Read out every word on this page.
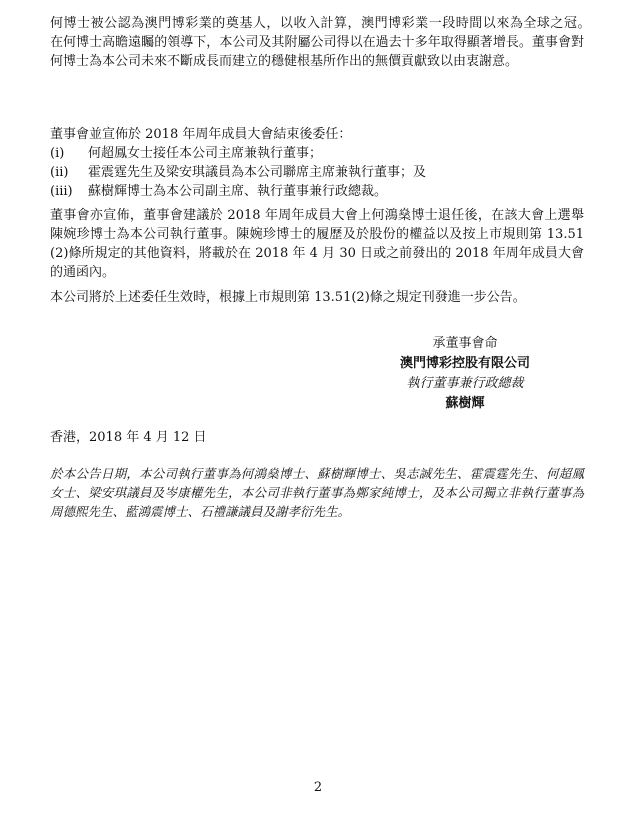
何博士被公認為澳門博彩業的奠基人，以收入計算，澳門博彩業一段時間以來為全球之冠。　在何博士高瞻遠矚的領導下，本公司及其附屬公司得以在過去十多年取得顯著增長。董事會對何博士為本公司未來不斷成長而建立的穩健根基所作出的無價貢獻致以由衷謝意。

董事會並宣佈於 2018 年周年成員大會結束後委任：

(i)	何超鳳女士接任本公司主席兼執行董事；
(ii)	霍震霆先生及梁安琪議員為本公司聯席主席兼執行董事；及
(iii)	蘇樹輝博士為本公司副主席、執行董事兼行政總裁。

董事會亦宣佈，董事會建議於 2018 年周年成員大會上何鴻燊博士退任後，在該大會上選舉陳婉珍博士為本公司執行董事。陳婉珍博士的履歷及於股份的權益以及按上市規則第 13.51 (2)條所規定的其他資料，將載於在 2018 年 4 月 30 日或之前發出的 2018 年周年成員大會的通函內。

本公司將於上述委任生效時，根據上市規則第 13.51(2)條之規定刊發進一步公告。

承董事會命
澳門博彩控股有限公司
執行董事兼行政總裁
蘇樹輝
香港，2018 年 4 月 12 日
於本公告日期，本公司執行董事為何鴻燊博士、蘇樹輝博士、吳志誠先生、霍震霆先生、何超鳳女士、梁安琪議員及岑康權先生，本公司非執行董事為鄭家純博士，及本公司獨立非執行董事為周德熙先生、藍鴻震博士、石禮謙議員及謝孝衍先生。
2
